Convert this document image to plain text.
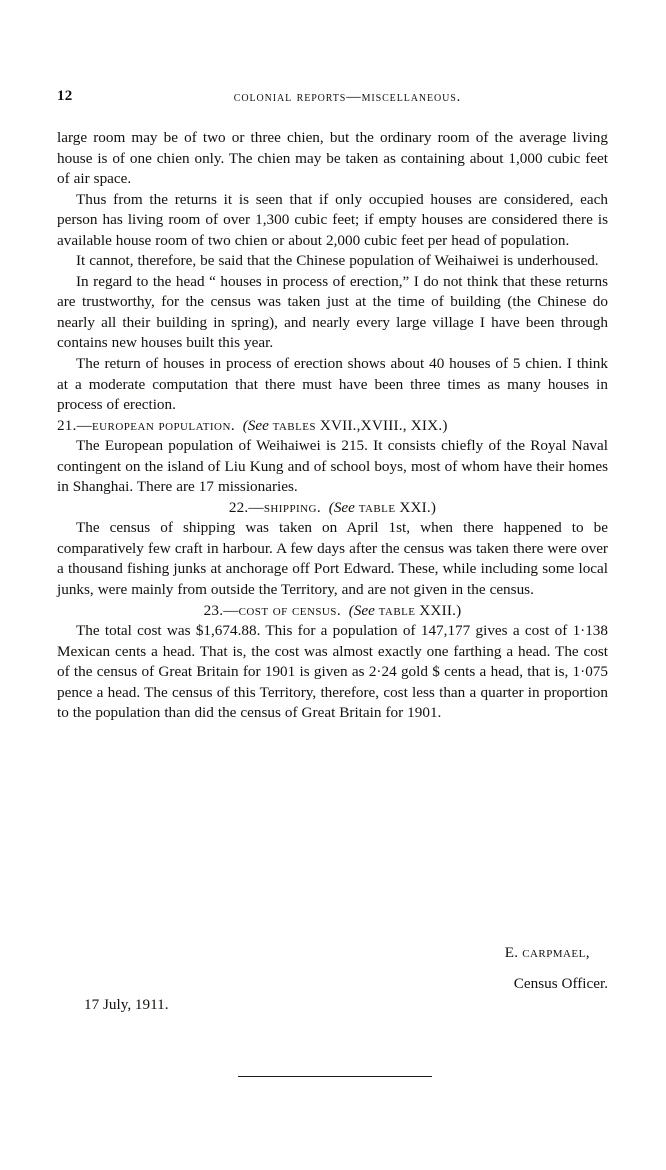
12	colonial reports—miscellaneous.

large room may be of two or three chien, but the ordinary room of the average living house is of one chien only. The chien may be taken as containing about 1,000 cubic feet of air space.

Thus from the returns it is seen that if only occupied houses are considered, each person has living room of over 1,300 cubic feet; if empty houses are considered there is available house room of two chien or about 2,000 cubic feet per head of population.

It cannot, therefore, be said that the Chinese population of Weihaiwei is underhoused.

In regard to the head “ houses in process of erection,” I do not think that these returns are trustworthy, for the census was taken just at the time of building (the Chinese do nearly all their building in spring), and nearly every large village I have been through contains new houses built this year.

The return of houses in process of erection shows about 40 houses of 5 chien. I think at a moderate computation that there must have been three times as many houses in process of erection.

21.—european population. (See tables XVII.,XVIII., XIX.)

The European population of Weihaiwei is 215. It consists chiefly of the Royal Naval contingent on the island of Liu Kung and of school boys, most of whom have their homes in Shanghai. There are 17 missionaries.

22.—shipping. (See table XXI.)

The census of shipping was taken on April 1st, when there happened to be comparatively few craft in harbour. A few days after the census was taken there were over a thousand fishing junks at anchorage off Port Edward. These, while including some local junks, were mainly from outside the Territory, and are not given in the census.

23.—cost of census. (See table XXII.)

The total cost was $1,674.88. This for a population of 147,177 gives a cost of 1·138 Mexican cents a head. That is, the cost was almost exactly one farthing a head. The cost of the census of Great Britain for 1901 is given as 2·24 gold $ cents a head, that is, 1·075 pence a head. The census of this Territory, therefore, cost less than a quarter in proportion to the population than did the census of Great Britain for 1901.

E. carpmael,
Census Officer.
17 July, 1911.
